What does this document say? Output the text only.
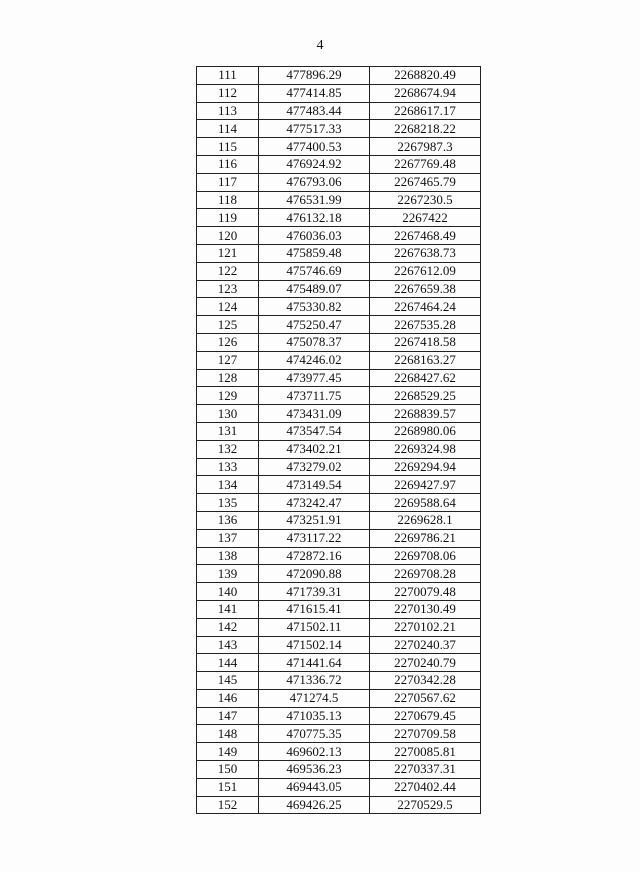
4
111	477896.29	2268820.49
112	477414.85	2268674.94
113	477483.44	2268617.17
114	477517.33	2268218.22
115	477400.53	2267987.3
116	476924.92	2267769.48
117	476793.06	2267465.79
118	476531.99	2267230.5
119	476132.18	2267422
120	476036.03	2267468.49
121	475859.48	2267638.73
122	475746.69	2267612.09
123	475489.07	2267659.38
124	475330.82	2267464.24
125	475250.47	2267535.28
126	475078.37	2267418.58
127	474246.02	2268163.27
128	473977.45	2268427.62
129	473711.75	2268529.25
130	473431.09	2268839.57
131	473547.54	2268980.06
132	473402.21	2269324.98
133	473279.02	2269294.94
134	473149.54	2269427.97
135	473242.47	2269588.64
136	473251.91	2269628.1
137	473117.22	2269786.21
138	472872.16	2269708.06
139	472090.88	2269708.28
140	471739.31	2270079.48
141	471615.41	2270130.49
142	471502.11	2270102.21
143	471502.14	2270240.37
144	471441.64	2270240.79
145	471336.72	2270342.28
146	471274.5	2270567.62
147	471035.13	2270679.45
148	470775.35	2270709.58
149	469602.13	2270085.81
150	469536.23	2270337.31
151	469443.05	2270402.44
152	469426.25	2270529.5
